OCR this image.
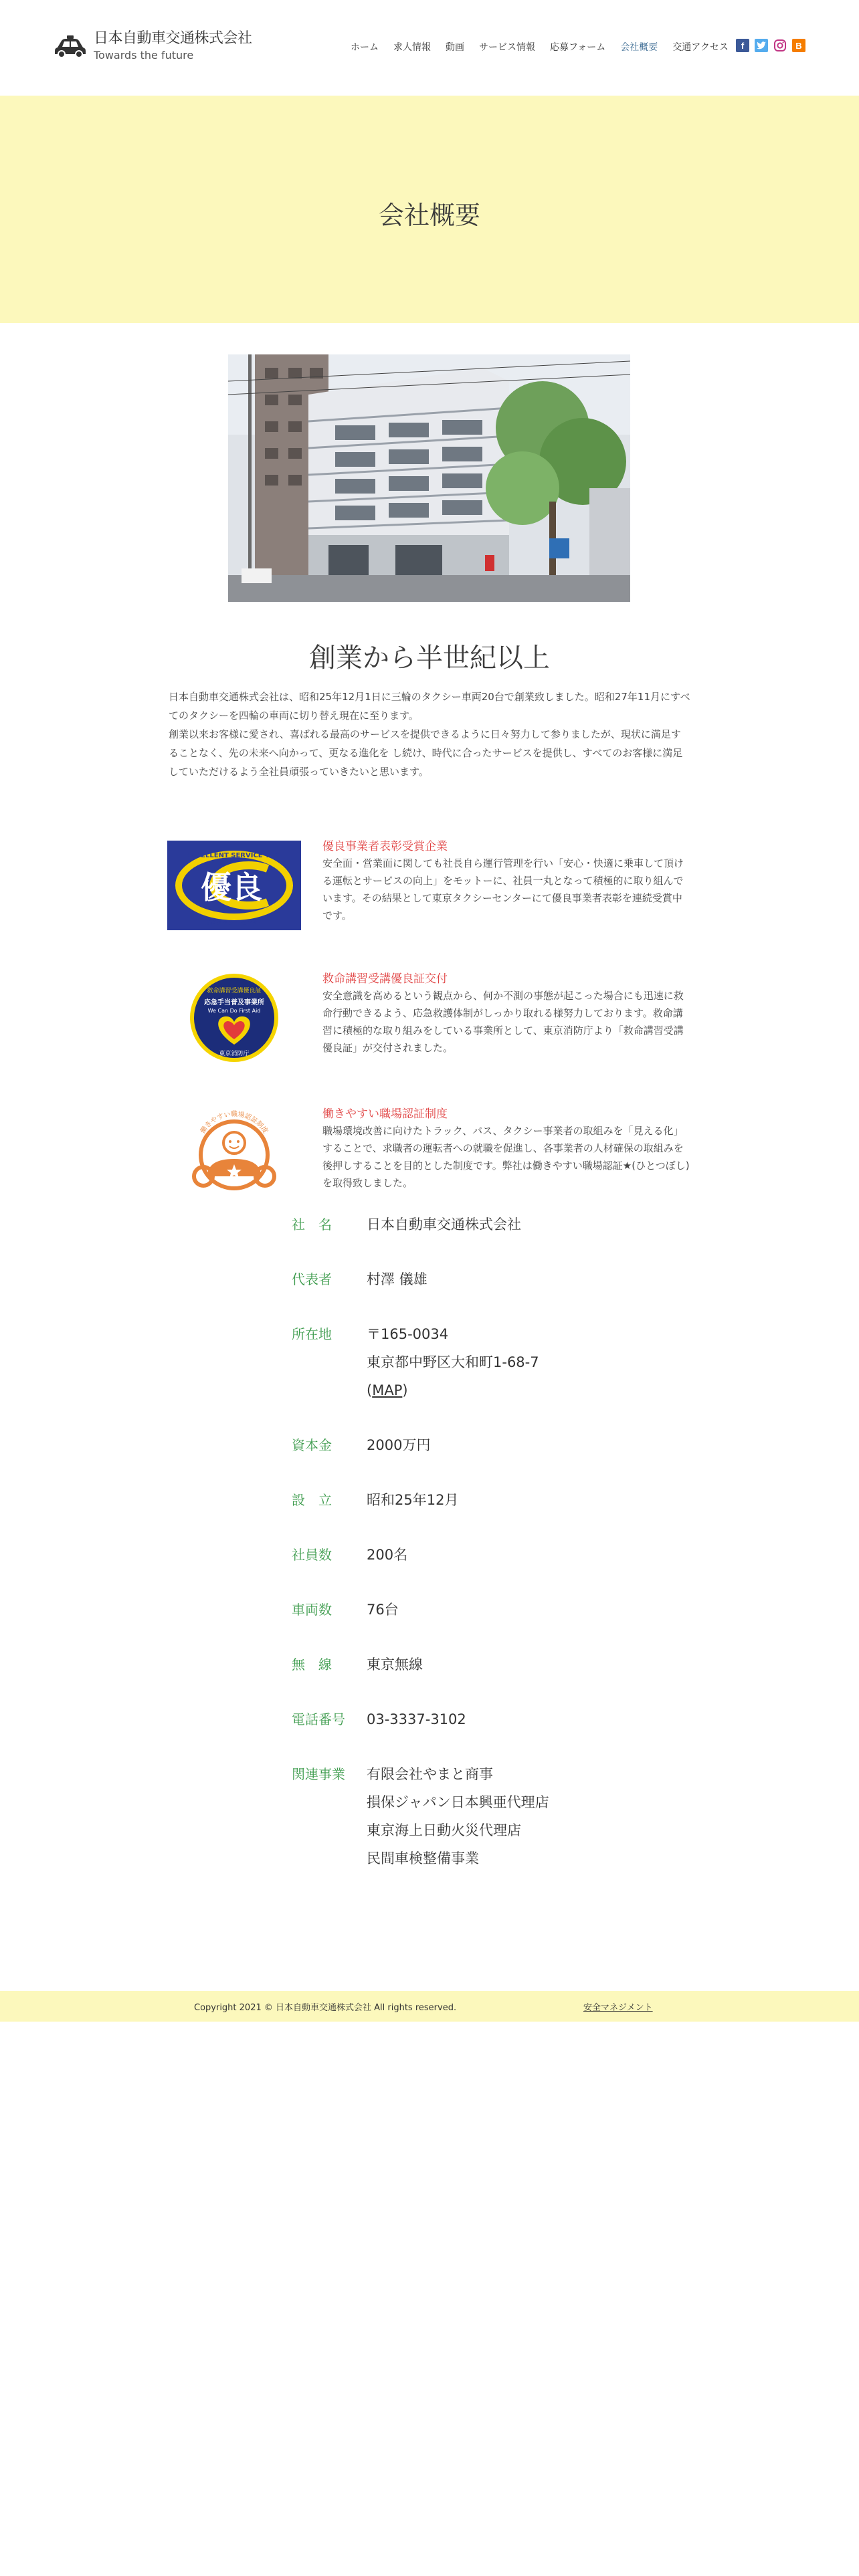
日本自動車交通株式会社
Towards the future
ホーム 求人情報 動画 サービス情報 応募フォーム 会社概要 交通アクセス	f	B
会社概要
創業から半世紀以上

日本自動車交通株式会社は、昭和25年12月1日に三輪のタクシー車両20台で創業致しました。昭和27年11月にすべてのタクシーを四輪の車両に切り替え現在に至ります。

創業以来お客様に愛され、喜ばれる最高のサービスを提供できるように日々努力して参りましたが、現状に満足することなく、先の未来へ向かって、更なる進化を し続け、時代に合ったサービスを提供し、すべてのお客様に満足していただけるよう全社員頑張っていきたいと思います。

EXCELLENT SERVICE TAXI
優良
東京タクシーセンター
優良事業者表彰受賞企業
安全面・営業面に関しても社長自ら運行管理を行い「安心・快適に乗車して頂ける運転とサービスの向上」をモットーに、社員一丸となって積極的に取り組んでいます。その結果として東京タクシーセンターにて優良事業者表彰を連続受賞中です。
救命講習受講優良証
応急手当普及事業所
We Can Do First Aid
東京消防庁
救命講習受講優良証交付
安全意識を高めるという観点から、何か不測の事態が起こった場合にも迅速に救命行動できるよう、応急救護体制がしっかり取れる様努力しております。救命講習に積極的な取り組みをしている事業所として、東京消防庁より「救命講習受講優良証」が交付されました。
働きやすい職場認証制度
働きやすい職場認証制度
職場環境改善に向けたトラック、バス、タクシー事業者の取組みを「見える化」することで、求職者の運転者への就職を促進し、各事業者の人材確保の取組みを後押しすることを目的とした制度です。弊社は働きやすい職場認証★(ひとつぼし)を取得致しました。
社　名	日本自動車交通株式会社
代表者	村澤 儀雄
所在地	〒165-0034
東京都中野区大和町1-68-7
(MAP)
資本金	2000万円
設　立	昭和25年12月
社員数	200名
車両数	76台
無　線	東京無線
電話番号	03-3337-3102
関連事業	有限会社やまと商事
損保ジャパン日本興亜代理店
東京海上日動火災代理店
民間車検整備事業
Copyright 2021 © 日本自動車交通株式会社 All rights reserved.	安全マネジメント
